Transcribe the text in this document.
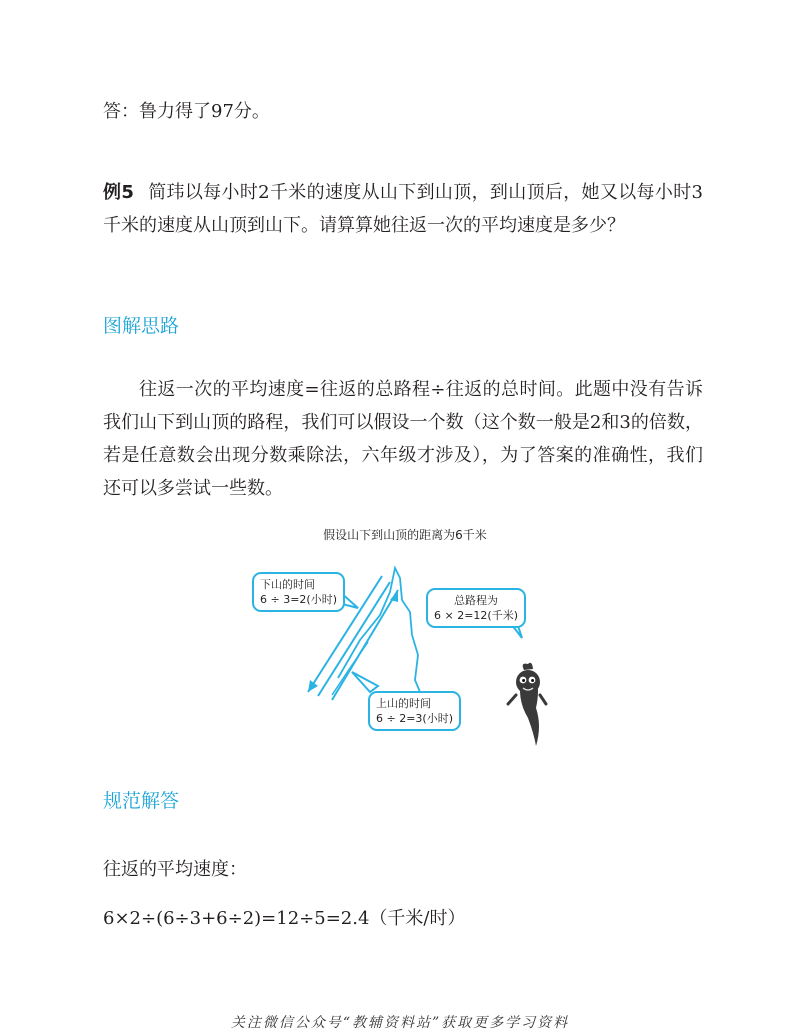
答：鲁力得了97分。

例5 简玮以每小时2千米的速度从山下到山顶，到山顶后，她又以每小时3千米的速度从山顶到山下。请算算她往返一次的平均速度是多少？

图解思路

往返一次的平均速度=往返的总路程÷往返的总时间。此题中没有告诉我们山下到山顶的路程，我们可以假设一个数（这个数一般是2和3的倍数，若是任意数会出现分数乘除法，六年级才涉及），为了答案的准确性，我们还可以多尝试一些数。

假设山下到山顶的距离为6千米
下山的时间
6 ÷ 3=2(小时)
上山的时间
6 ÷ 2=3(小时)
总路程为
6 × 2=12(千米)
规范解答

往返的平均速度：

6×2÷(6÷3+6÷2)=12÷5=2.4（千米/时）

关注微信公众号“教辅资料站”获取更多学习资料
